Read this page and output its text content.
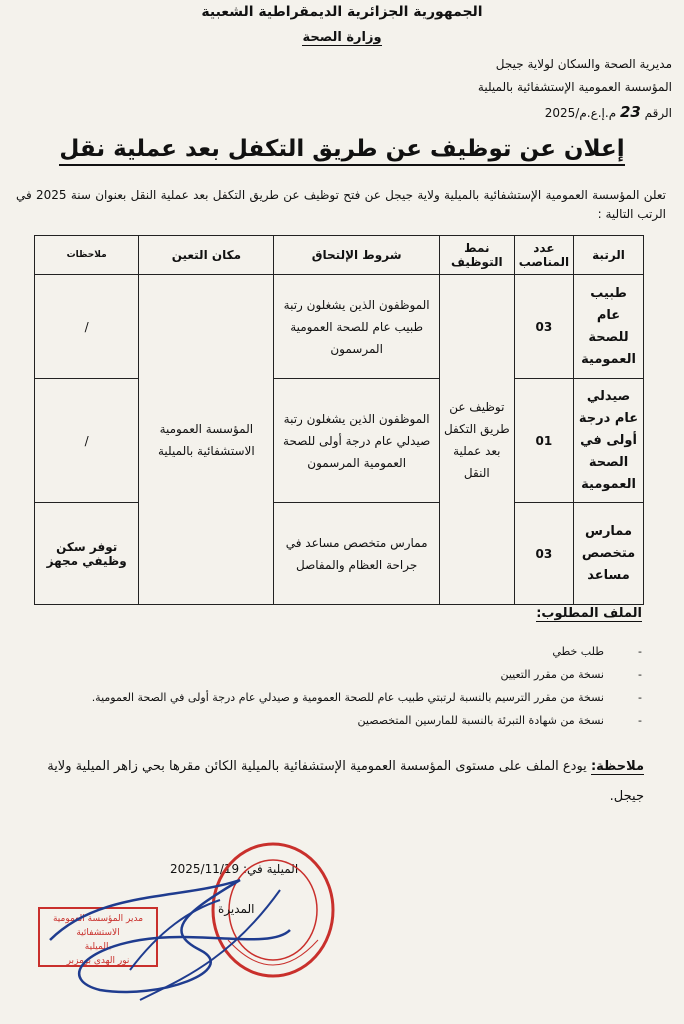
الجمهورية الجزائرية الديمقراطية الشعبية
وزارة الصحة
مديرية الصحة والسكان لولاية جيجل
المؤسسة العمومية الإستشفائية بالميلية
الرقم 23 م.إ.ع.م/2025
إعلان عن توظيف عن طريق التكفل بعد عملية نقل
تعلن المؤسسة العمومية الإستشفائية بالميلية ولاية جيجل عن فتح توظيف عن طريق التكفل بعد عملية النقل بعنوان سنة 2025 في الرتب التالية :
الرتبة	عدد المناصب	نمط التوظيف	شروط الإلتحاق	مكان التعين	ملاحظات
طبيب عام للصحة العمومية	03	توظيف عن طريق التكفل بعد عملية النقل	الموظفون الذين يشغلون رتبة طبيب عام للصحة العمومية المرسمون	المؤسسة العمومية الاستشفائية بالميلية	/
صيدلي عام درجة أولى في الصحة العمومية	01		الموظفون الذين يشغلون رتبة صيدلي عام درجة أولى للصحة العمومية المرسمون		/
ممارس متخصص مساعد	03		ممارس متخصص مساعد في جراحة العظام والمفاصل		توفر سكن وظيفي مجهز
الملف المطلوب:
- طلب خطي
- نسخة من مقرر التعيين
- نسخة من مقرر الترسيم بالنسبة لرتبتي طبيب عام للصحة العمومية و صيدلي عام درجة أولى في الصحة العمومية.
- نسخة من شهادة التبرئة بالنسبة للمارسين المتخصصين
ملاحظة: يودع الملف على مستوى المؤسسة العمومية الإستشفائية بالميلية الكائن مقرها بحي زاهر الميلية ولاية جيجل.
الميلية في: 2025/11/19
المديرة
مدير المؤسسة العمومية الاستشفائية
بالميلية
نور الهدى بومزبر
